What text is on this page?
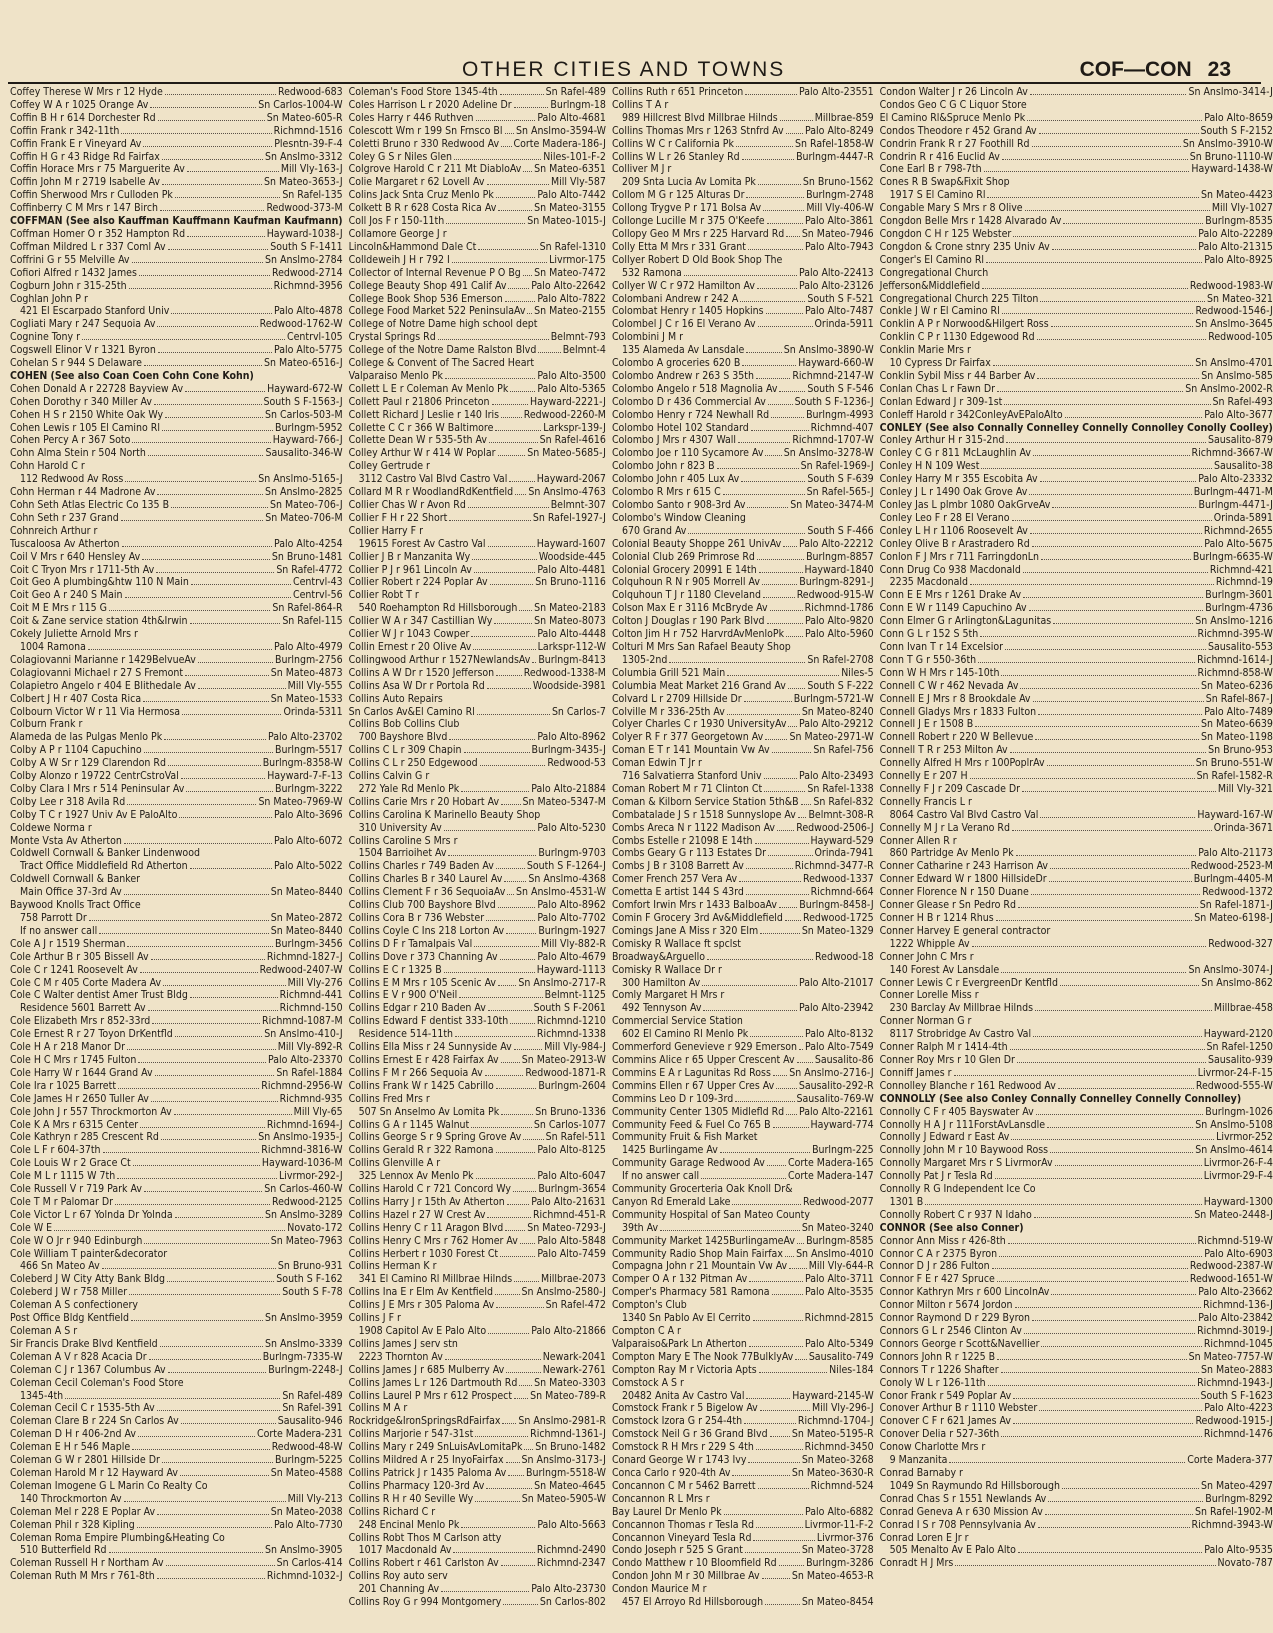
OTHER CITIES AND TOWNS	COF—CON 23
Coffey Therese W Mrs r 12 Hyde	Redwood-683
Coffey W A r 1025 Orange Av	Sn Carlos-1004-W
Coffin B H r 614 Dorchester Rd	Sn Mateo-605-R
Coffin Frank r 342-11th	Richmnd-1516
Coffin Frank E r Vineyard Av	Plesntn-39-F-4
Coffin H G r 43 Ridge Rd Fairfax	Sn Anslmo-3312
Coffin Horace Mrs r 75 Marguerite Av	Mill Vly-163-J
Coffin John M r 2719 Isabelle Av	Sn Mateo-3653-J
Coffin Sherwood Mrs r Culloden Pk	Sn Rafel-135
Coffinberry C M Mrs r 147 Birch	Redwood-373-M
COFFMAN (See also Kauffman Kauffmann Kaufman Kaufmann)
Coffman Homer O r 352 Hampton Rd	Hayward-1038-J
Coffman Mildred L r 337 Coml Av	South S F-1411
Coffrini G r 55 Melville Av	Sn Anslmo-2784
Cofiori Alfred r 1432 James	Redwood-2714
Cogburn John r 315-25th	Richmnd-3956
Coghlan John P r
421 El Escarpado Stanford Univ	Palo Alto-4878
Cogliati Mary r 247 Sequoia Av	Redwood-1762-W
Cognine Tony r	Centrvl-105
Cogswell Elinor V r 1321 Byron	Palo Alto-5775
Cohelan S r 944 S Delaware	Sn Mateo-6516-J
COHEN (See also Coan Coen Cohn Cone Kohn)
Cohen Donald A r 22728 Bayview Av	Hayward-672-W
Cohen Dorothy r 340 Miller Av	South S F-1563-J
Cohen H S r 2150 White Oak Wy	Sn Carlos-503-M
Cohen Lewis r 105 El Camino Rl	Burlngm-5952
Cohen Percy A r 367 Soto	Hayward-766-J
Cohn Alma Stein r 504 North	Sausalito-346-W
Cohn Harold C r
112 Redwood Av Ross	Sn Anslmo-5165-J
Cohn Herman r 44 Madrone Av	Sn Anslmo-2825
Cohn Seth Atlas Electric Co 135 B	Sn Mateo-706-J
Cohn Seth r 237 Grand	Sn Mateo-706-M
Cohnreich Arthur r
Tuscaloosa Av Atherton	Palo Alto-4254
Coil V Mrs r 640 Hensley Av	Sn Bruno-1481
Coit C Tryon Mrs r 1711-5th Av	Sn Rafel-4772
Coit Geo A plumbing&htw 110 N Main	Centrvl-43
Coit Geo A r 240 S Main	Centrvl-56
Coit M E Mrs r 115 G	Sn Rafel-864-R
Coit & Zane service station 4th&Irwin	Sn Rafel-115
Cokely Juliette Arnold Mrs r
1004 Ramona	Palo Alto-4979
Colagiovanni Marianne r 1429BelvueAv	Burlngm-2756
Colagiovanni Michael r 27 S Fremont	Sn Mateo-4873
Colapietro Angelo r 404 E Blithedale Av	Mill Vly-555
Colbert J H r 407 Costa Rica	Sn Mateo-1533
Colbourn Victor W r 11 Via Hermosa	Orinda-5311
Colburn Frank r
Alameda de las Pulgas Menlo Pk	Palo Alto-23702
Colby A P r 1104 Capuchino	Burlngm-5517
Colby A W Sr r 129 Clarendon Rd	Burlngm-8358-W
Colby Alonzo r 19722 CentrCstroVal	Hayward-7-F-13
Colby Clara I Mrs r 514 Peninsular Av	Burlngm-3222
Colby Lee r 318 Avila Rd	Sn Mateo-7969-W
Colby T C r 1927 Univ Av E PaloAlto	Palo Alto-3696
Coldewe Norma r
Monte Vsta Av Atherton	Palo Alto-6072
Coldwell Cornwall & Banker Lindenwood
Tract Office Middlefield Rd Atherton	Palo Alto-5022
Coldwell Cornwall & Banker
Main Office 37-3rd Av	Sn Mateo-8440
Baywood Knolls Tract Office
758 Parrott Dr	Sn Mateo-2872
If no answer call	Sn Mateo-8440
Cole A J r 1519 Sherman	Burlngm-3456
Cole Arthur B r 305 Bissell Av	Richmnd-1827-J
Cole C r 1241 Roosevelt Av	Redwood-2407-W
Cole C M r 405 Corte Madera Av	Mill Vly-276
Cole C Walter dentist Amer Trust Bldg	Richmnd-441
Residence 5601 Barrett Av	Richmnd-150
Cole Elizabeth Mrs r 852-33rd	Richmnd-1087-M
Cole Ernest R r 27 Toyon DrKentfld	Sn Anslmo-410-J
Cole H A r 218 Manor Dr	Mill Vly-892-R
Cole H C Mrs r 1745 Fulton	Palo Alto-23370
Cole Harry W r 1644 Grand Av	Sn Rafel-1884
Cole Ira r 1025 Barrett	Richmnd-2956-W
Cole James H r 2650 Tuller Av	Richmnd-935
Cole John J r 557 Throckmorton Av	Mill Vly-65
Cole K A Mrs r 6315 Center	Richmnd-1694-J
Cole Kathryn r 285 Crescent Rd	Sn Anslmo-1935-J
Cole L F r 604-37th	Richmnd-3816-W
Cole Louis W r 2 Grace Ct	Hayward-1036-M
Cole M L r 1115 W 7th	Livrmor-292-J
Cole Russell V r 719 Park Av	Sn Carlos-460-W
Cole T M r Palomar Dr	Redwood-2125
Cole Victor L r 67 Yolnda Dr Yolnda	Sn Anslmo-3289
Cole W E	Novato-172
Cole W O Jr r 940 Edinburgh	Sn Mateo-7963
Cole William T painter&decorator
466 Sn Mateo Av	Sn Bruno-931
Coleberd J W City Atty Bank Bldg	South S F-162
Coleberd J W r 758 Miller	South S F-78
Coleman A S confectionery
Post Office Bldg Kentfield	Sn Anslmo-3959
Coleman A S r
Sir Francis Drake Blvd Kentfield	Sn Anslmo-3339
Coleman A V r 828 Acacia Dr	Burlngm-7335-W
Coleman C J r 1367 Columbus Av	Burlngm-2248-J
Coleman Cecil Coleman's Food Store
1345-4th	Sn Rafel-489
Coleman Cecil C r 1535-5th Av	Sn Rafel-391
Coleman Clare B r 224 Sn Carlos Av	Sausalito-946
Coleman D H r 406-2nd Av	Corte Madera-231
Coleman E H r 546 Maple	Redwood-48-W
Coleman G W r 2801 Hillside Dr	Burlngm-5225
Coleman Harold M r 12 Hayward Av	Sn Mateo-4588
Coleman Imogene G L Marin Co Realty Co
140 Throckmorton Av	Mill Vly-213
Coleman Mel r 228 E Poplar Av	Sn Mateo-2038
Coleman Phil r 328 Kipling	Palo Alto-7730
Coleman Roma Empire Plumbing&Heating Co
510 Butterfield Rd	Sn Anslmo-3905
Coleman Russell H r Northam Av	Sn Carlos-414
Coleman Ruth M Mrs r 761-8th	Richmnd-1032-J
Coleman's Food Store 1345-4th	Sn Rafel-489
Coles Harrison L r 2020 Adeline Dr	Burlngm-18
Coles Harry r 446 Ruthven	Palo Alto-4681
Colescott Wm r 199 Sn Frnsco Bl Sn Anslmo-3594-W
Coletti Bruno r 330 Redwood Av Corte Madera-186-J
Coley G S r Niles Glen	Niles-101-F-2
Colgrove Harold C r 211 Mt DiabloAv Sn Mateo-6351
Colie Margaret r 62 Lovell Av	Mill Vly-587
Colins Jack Snta Cruz Menlo Pk	Palo Alto-7442
Colkett B R r 628 Costa Rica Av	Sn Mateo-3155
Coll Jos F r 150-11th	Sn Mateo-1015-J
Collamore George J r
Lincoln&Hammond Dale Ct	Sn Rafel-1310
Colldeweih J H r 792 I	Livrmor-175
Collector of Internal Revenue P O Bg Sn Mateo-7472
College Beauty Shop 491 Calif Av Palo Alto-22642
College Book Shop 536 Emerson	Palo Alto-7822
College Food Market 522 PeninsulaAv Sn Mateo-2155
College of Notre Dame high school dept
Crystal Springs Rd	Belmnt-793
College of the Notre Dame Ralston Blvd	Belmnt-4
College & Convent of The Sacred Heart
Valparaiso Menlo Pk	Palo Alto-3500
Collett L E r Coleman Av Menlo Pk	Palo Alto-5365
Collett Paul r 21806 Princeton	Hayward-2221-J
Collett Richard J Leslie r 140 Iris Redwood-2260-M
Collette C C r 366 W Baltimore	Larkspr-139-J
Collette Dean W r 535-5th Av	Sn Rafel-4616
Colley Arthur W r 414 W Poplar	Sn Mateo-5685-J
Colley Gertrude r
3112 Castro Val Blvd Castro Val	Hayward-2067
Collard M R r WoodlandRdKentfield Sn Anslmo-4763
Collier Chas W r Avon Rd	Belmnt-307
Collier F H r 22 Short	Sn Rafel-1927-J
Collier Harry F r
19615 Forest Av Castro Val	Hayward-1607
Collier J B r Manzanita Wy	Woodside-445
Collier P J r 961 Lincoln Av	Palo Alto-4481
Collier Robert r 224 Poplar Av	Sn Bruno-1116
Collier Robt T r
540 Roehampton Rd Hillsborough Sn Mateo-2183
Collier W A r 347 Castillian Wy	Sn Mateo-8073
Collier W J r 1043 Cowper	Palo Alto-4448
Collin Ernest r 20 Olive Av	Larkspr-112-W
Collingwood Arthur r 1527NewlandsAv Burlngm-8413
Collins A W Dr r 1520 Jefferson	Redwood-1338-M
Collins Asa W Dr r Portola Rd	Woodside-3981
Collins Auto Repairs
Sn Carlos Av&El Camino Rl	Sn Carlos-7
Collins Bob Collins Club
700 Bayshore Blvd	Palo Alto-8962
Collins C L r 309 Chapin	Burlngm-3435-J
Collins C L r 250 Edgewood	Redwood-53
Collins Calvin G r
272 Yale Rd Menlo Pk	Palo Alto-21884
Collins Carie Mrs r 20 Hobart Av Sn Mateo-5347-M
Collins Carolina K Marinello Beauty Shop
310 University Av	Palo Alto-5230
Collins Caroline S Mrs r
1504 Barrioihet Av	Burlngm-9703
Collins Charles r 749 Baden Av	South S F-1264-J
Collins Charles B r 340 Laurel Av Sn Anslmo-4368
Collins Clement F r 36 SequoiaAv Sn Anslmo-4531-W
Collins Club 700 Bayshore Blvd	Palo Alto-8962
Collins Cora B r 736 Webster	Palo Alto-7702
Collins Coyle C Ins 218 Lorton Av	Burlngm-1927
Collins D F r Tamalpais Val	Mill Vly-882-R
Collins Dove r 373 Channing Av	Palo Alto-4679
Collins E C r 1325 B	Hayward-1113
Collins E M Mrs r 105 Scenic Av Sn Anslmo-2717-R
Collins E V r 900 O'Neil	Belmnt-1125
Collins Edgar r 210 Baden Av	South S F-2061
Collins Edward F dentist 333-10th	Richmnd-1210
Residence 514-11th	Richmnd-1338
Collins Ella Miss r 24 Sunnyside Av	Mill Vly-984-J
Collins Ernest E r 428 Fairfax Av Sn Mateo-2913-W
Collins F M r 266 Sequoia Av	Redwood-1871-R
Collins Frank W r 1425 Cabrillo	Burlngm-2604
Collins Fred Mrs r
507 Sn Anselmo Av Lomita Pk	Sn Bruno-1336
Collins G A r 1145 Walnut	Sn Carlos-1077
Collins George S r 9 Spring Grove Av Sn Rafel-511
Collins Gerald R r 322 Ramona	Palo Alto-8125
Collins Glenville A r
325 Lennox Av Menlo Pk	Palo Alto-6047
Collins Harold C r 721 Concord Wy	Burlngm-3654
Collins Harry J r 15th Av Atherton	Palo Alto-21631
Collins Hazel r 27 W Crest Av	Richmnd-451-R
Collins Henry C r 11 Aragon Blvd Sn Mateo-7293-J
Collins Henry C Mrs r 762 Homer Av Palo Alto-5848
Collins Herbert r 1030 Forest Ct	Palo Alto-7459
Collins Herman K r
341 El Camino Rl Millbrae Hilnds	Millbrae-2073
Collins Ina E r Elm Av Kentfield	Sn Anslmo-2580-J
Collins J E Mrs r 305 Paloma Av	Sn Rafel-472
Collins J F r
1908 Capitol Av E Palo Alto	Palo Alto-21866
Collins James J serv stn
2223 Thornton Av	Newark-2041
Collins James J r 685 Mulberry Av	Newark-2761
Collins James L r 126 Dartmouth Rd Sn Mateo-3303
Collins Laurel P Mrs r 612 Prospect Sn Mateo-789-R
Collins M A r
Rockridge&IronSpringsRdFairfax Sn Anslmo-2981-R
Collins Marjorie r 547-31st	Richmnd-1361-J
Collins Mary r 249 SnLuisAvLomitaPk Sn Bruno-1482
Collins Mildred A r 25 InyoFairfax Sn Anslmo-3173-J
Collins Patrick J r 1435 Paloma Av Burlngm-5518-W
Collins Pharmacy 120-3rd Av	Sn Mateo-4645
Collins R H r 40 Seville Wy	Sn Mateo-5905-W
Collins Richard C r
248 Encinal Menlo Pk	Palo Alto-5663
Collins Robt Thos M Carlson atty
1017 Macdonald Av	Richmnd-2490
Collins Robert r 461 Carlston Av	Richmnd-2347
Collins Roy auto serv
201 Channing Av	Palo Alto-23730
Collins Roy G r 994 Montgomery	Sn Carlos-802
Collins Ruth r 651 Princeton	Palo Alto-23551
Collins T A r
989 Hillcrest Blvd Millbrae Hilnds	Millbrae-859
Collins Thomas Mrs r 1263 Stnfrd Av Palo Alto-8249
Collins W C r California Pk	Sn Rafel-1858-W
Collins W L r 26 Stanley Rd	Burlngm-4447-R
Colliver M J r
209 Snta Lucia Av Lomita Pk	Sn Bruno-1562
Collom M G r 125 Alturas Dr	Burlngm-2748
Collong Trygve P r 171 Bolsa Av	Mill Vly-406-W
Collonge Lucille M r 375 O'Keefe	Palo Alto-3861
Collopy Geo M Mrs r 225 Harvard Rd Sn Mateo-7946
Colly Etta M Mrs r 331 Grant	Palo Alto-7943
Collyer Robert D Old Book Shop The
532 Ramona	Palo Alto-22413
Collyer W C r 972 Hamilton Av	Palo Alto-23126
Colombani Andrew r 242 A	South S F-521
Colombat Henry r 1405 Hopkins	Palo Alto-7487
Colombel J C r 16 El Verano Av	Orinda-5911
Colombini J M r
135 Alameda Av Lansdale	Sn Anslmo-3890-W
Colombo A groceries 620 B	Hayward-660-W
Colombo Andrew r 263 S 35th	Richmnd-2147-W
Colombo Angelo r 518 Magnolia Av	South S F-546
Colombo D r 436 Commercial Av	South S F-1236-J
Colombo Henry r 724 Newhall Rd	Burlngm-4993
Colombo Hotel 102 Standard	Richmnd-407
Colombo J Mrs r 4307 Wall	Richmnd-1707-W
Colombo Joe r 110 Sycamore Av Sn Anslmo-3278-W
Colombo John r 823 B	Sn Rafel-1969-J
Colombo John r 405 Lux Av	South S F-639
Colombo R Mrs r 615 C	Sn Rafel-565-J
Colombo Santo r 908-3rd Av	Sn Mateo-3474-M
Colombo's Window Cleaning
670 Grand Av	South S F-466
Colonial Beauty Shoppe 261 UnivAv Palo Alto-22212
Colonial Club 269 Primrose Rd	Burlngm-8857
Colonial Grocery 20991 E 14th	Hayward-1840
Colquhoun R N r 905 Morrell Av	Burlngm-8291-J
Colquhoun T J r 1180 Cleveland	Redwood-915-W
Colson Max E r 3116 McBryde Av	Richmnd-1786
Colton J Douglas r 190 Park Blvd	Palo Alto-9820
Colton Jim H r 752 HarvrdAvMenloPk Palo Alto-5960
Colturi M Mrs San Rafael Beauty Shop
1305-2nd	Sn Rafel-2708
Columbia Grill 521 Main	Niles-5
Columbia Meat Market 216 Grand Av South S F-222
Colvard L r 2709 Hillside Dr	Burlngm-5721-W
Colville M r 336-25th Av	Sn Mateo-8240
Colyer Charles C r 1930 UniversityAv Palo Alto-29212
Colyer R F r 377 Georgetown Av	Sn Mateo-2971-W
Coman E T r 141 Mountain Vw Av	Sn Rafel-756
Coman Edwin T Jr r
716 Salvatierra Stanford Univ	Palo Alto-23493
Coman Robert M r 71 Clinton Ct	Sn Rafel-1338
Coman & Kilborn Service Station 5th&B Sn Rafel-832
Combatalade J S r 1518 Sunnyslope Av Belmnt-308-R
Combs Areca N r 1122 Madison Av Redwood-2506-J
Combs Estelle r 21098 E 14th	Hayward-529
Combs Geary G r 113 Estates Dr	Orinda-7941
Combs J B r 3108 Barrett Av	Richmnd-3477-R
Comer French 257 Vera Av	Redwood-1337
Cometta E artist 144 S 43rd	Richmnd-664
Comfort Irwin Mrs r 1433 BalboaAv Burlngm-8458-J
Comin F Grocery 3rd Av&Middlefield Redwood-1725
Comings Jane A Miss r 320 Elm	Sn Mateo-1329
Comisky R Wallace ft spclst
Broadway&Arguello	Redwood-18
Comisky R Wallace Dr r
300 Hamilton Av	Palo Alto-21017
Comly Margaret H Mrs r
492 Tennyson Av	Palo Alto-23942
Commercial Service Station
602 El Camino Rl Menlo Pk	Palo Alto-8132
Commerford Genevieve r 929 Emerson Palo Alto-7549
Commins Alice r 65 Upper Crescent Av Sausalito-86
Commins E A r Lagunitas Rd Ross Sn Anslmo-2716-J
Commins Ellen r 67 Upper Cres Av Sausalito-292-R
Commins Leo D r 109-3rd	Sausalito-769-W
Community Center 1305 Midlefld Rd Palo Alto-22161
Community Feed & Fuel Co 765 B	Hayward-774
Community Fruit & Fish Market
1425 Burlingame Av	Burlngm-225
Community Garage Redwood Av Corte Madera-165
If no answer call	Corte Madera-147
Community Grocerteria Oak Knoll Dr&
Canyon Rd Emerald Lake	Redwood-2077
Community Hospital of San Mateo County
39th Av	Sn Mateo-3240
Community Market 1425BurlingameAv Burlngm-8585
Community Radio Shop Main Fairfax Sn Anslmo-4010
Compagna John r 21 Mountain Vw Av Mill Vly-644-R
Comper O A r 132 Pitman Av	Palo Alto-3711
Comper's Pharmacy 581 Ramona	Palo Alto-3535
Compton's Club
1340 Sn Pablo Av El Cerrito	Richmnd-2815
Compton C A r
Valparaiso&Park Ln Atherton	Palo Alto-5349
Compton Mary E The Nook 77BulklyAv Sausalito-749
Compton Ray M r Victoria Apts	Niles-184
Comstock A S r
20482 Anita Av Castro Val	Hayward-2145-W
Comstock Frank r 5 Bigelow Av	Mill Vly-296-J
Comstock Izora G r 254-4th	Richmnd-1704-J
Comstock Neil G r 36 Grand Blvd Sn Mateo-5195-R
Comstock R H Mrs r 229 S 4th	Richmnd-3450
Conard George W r 1743 Ivy	Sn Mateo-3268
Conca Carlo r 920-4th Av	Sn Mateo-3630-R
Concannon C M r 5462 Barrett	Richmnd-524
Concannon R L Mrs r
Bay Laurel Dr Menlo Pk	Palo Alto-6882
Concannon Thomas r Tesla Rd	Livrmor-11-F-2
Concannon Vineyard Tesla Rd	Livrmor-376
Condo Joseph r 525 S Grant	Sn Mateo-3728
Condo Matthew r 10 Bloomfield Rd	Burlngm-3286
Condon John M r 30 Millbrae Av	Sn Mateo-4653-R
Condon Maurice M r
457 El Arroyo Rd Hillsborough	Sn Mateo-8454
Condon Walter J r 26 Lincoln Av	Sn Anslmo-3414-J
Condos Geo C G C Liquor Store
El Camino Rl&Spruce Menlo Pk	Palo Alto-8659
Condos Theodore r 452 Grand Av	South S F-2152
Condrin Frank R r 27 Foothill Rd	Sn Anslmo-3910-W
Condrin R r 416 Euclid Av	Sn Bruno-1110-W
Cone Earl B r 798-7th	Hayward-1438-W
Cones R B Swap&Fixit Shop
1917 S El Camino Rl	Sn Mateo-4423
Congable Mary S Mrs r 8 Olive	Mill Vly-1027
Congdon Belle Mrs r 1428 Alvarado Av	Burlngm-8535
Congdon C H r 125 Webster	Palo Alto-22289
Congdon & Crone stnry 235 Univ Av	Palo Alto-21315
Conger's El Camino Rl	Palo Alto-8925
Congregational Church
Jefferson&Middlefield	Redwood-1983-W
Congregational Church 225 Tilton	Sn Mateo-321
Conkle J W r El Camino Rl	Redwood-1546-J
Conklin A P r Norwood&Hilgert Ross	Sn Anslmo-3645
Conklin C P r 1130 Edgewood Rd	Redwood-105
Conklin Marie Mrs r
10 Cypress Dr Fairfax	Sn Anslmo-4701
Conklin Sybil Miss r 44 Barber Av	Sn Anslmo-585
Conlan Chas L r Fawn Dr	Sn Anslmo-2002-R
Conlan Edward J r 309-1st	Sn Rafel-493
Conleff Harold r 342ConleyAvEPaloAlto	Palo Alto-3677
CONLEY (See also Connally Connelley Connelly Connolley Conolly Coolley)
Conley Arthur H r 315-2nd	Sausalito-879
Conley C G r 811 McLaughlin Av	Richmnd-3667-W
Conley H N 109 West	Sausalito-38
Conley Harry M r 355 Escobita Av	Palo Alto-23332
Conley J L r 1490 Oak Grove Av	Burlngm-4471-M
Conley Jas L plmbr 1080 OakGrveAv	Burlngm-4471-J
Conley Leo F r 28 El Verano	Orinda-5891
Conley L H r 1106 Roosevelt Av	Richmnd-2655
Conley Olive B r Arastradero Rd	Palo Alto-5675
Conlon F J Mrs r 711 FarringdonLn	Burlngm-6635-W
Conn Drug Co 938 Macdonald	Richmnd-421
2235 Macdonald	Richmnd-19
Conn E E Mrs r 1261 Drake Av	Burlngm-3601
Conn E W r 1149 Capuchino Av	Burlngm-4736
Conn Elmer G r Arlington&Lagunitas	Sn Anslmo-1216
Conn G L r 152 S 5th	Richmnd-395-W
Conn Ivan T r 14 Excelsior	Sausalito-553
Conn T G r 550-36th	Richmnd-1614-J
Conn W H Mrs r 145-10th	Richmnd-858-W
Connell C W r 462 Nevada Av	Sn Mateo-6236
Connell E J Mrs r 8 Brookdale Av	Sn Rafel-867-J
Connell Gladys Mrs r 1833 Fulton	Palo Alto-7489
Connell J E r 1508 B	Sn Mateo-6639
Connell Robert r 220 W Bellevue	Sn Mateo-1198
Connell T R r 253 Milton Av	Sn Bruno-953
Connelly Alfred H Mrs r 100PoplrAv	Sn Bruno-551-W
Connelly E r 207 H	Sn Rafel-1582-R
Connelly F J r 209 Cascade Dr	Mill Vly-321
Connelly Francis L r
8064 Castro Val Blvd Castro Val	Hayward-167-W
Connelly M J r La Verano Rd	Orinda-3671
Conner Allen R r
860 Partridge Av Menlo Pk	Palo Alto-21173
Conner Catharine r 243 Harrison Av	Redwood-2523-M
Conner Edward W r 1800 HillsideDr	Burlngm-4405-M
Conner Florence N r 150 Duane	Redwood-1372
Conner Glease r Sn Pedro Rd	Sn Rafel-1871-J
Conner H B r 1214 Rhus	Sn Mateo-6198-J
Conner Harvey E general contractor
1222 Whipple Av	Redwood-327
Conner John C Mrs r
140 Forest Av Lansdale	Sn Anslmo-3074-J
Conner Lewis C r EvergreenDr Kentfld	Sn Anslmo-862
Conner Lorelle Miss r
230 Barclay Av Millbrae Hilnds	Millbrae-458
Conner Norman G r
8117 Strobridge Av Castro Val	Hayward-2120
Conner Ralph M r 1414-4th	Sn Rafel-1250
Conner Roy Mrs r 10 Glen Dr	Sausalito-939
Conniff James r	Livrmor-24-F-15
Connolley Blanche r 161 Redwood Av	Redwood-555-W
CONNOLLY (See also Conley Connally Connelley Connelly Connolley)
Connolly C F r 405 Bayswater Av	Burlngm-1026
Connolly H A J r 111ForstAvLansdle	Sn Anslmo-5108
Connolly J Edward r East Av	Livrmor-252
Connolly John M r 10 Baywood Ross	Sn Anslmo-4614
Connolly Margaret Mrs r S LivrmorAv	Livrmor-26-F-4
Connolly Pat J r Tesla Rd	Livrmor-29-F-4
Connolly R G Independent Ice Co
1301 B	Hayward-1300
Connolly Robert C r 937 N Idaho	Sn Mateo-2448-J
CONNOR (See also Conner)
Connor Ann Miss r 426-8th	Richmnd-519-W
Connor C A r 2375 Byron	Palo Alto-6903
Connor D J r 286 Fulton	Redwood-2387-W
Connor F E r 427 Spruce	Redwood-1651-W
Connor Kathryn Mrs r 600 LincolnAv	Palo Alto-23662
Connor Milton r 5674 Jordon	Richmnd-136-J
Connor Raymond D r 229 Byron	Palo Alto-23842
Connors G L r 2546 Clinton Av	Richmnd-3019-J
Connors George r Scott&Navellier	Richmnd-1045
Connors John R r 1225 B	Sn Mateo-7757-W
Connors T r 1226 Shafter	Sn Mateo-2883
Conoly W L r 126-11th	Richmnd-1943-J
Conor Frank r 549 Poplar Av	South S F-1623
Conover Arthur B r 1110 Webster	Palo Alto-4223
Conover C F r 621 James Av	Redwood-1915-J
Conover Delia r 527-36th	Richmnd-1476
Conow Charlotte Mrs r
9 Manzanita	Corte Madera-377
Conrad Barnaby r
1049 Sn Raymundo Rd Hillsborough	Sn Mateo-4297
Conrad Chas S r 1551 Newlands Av	Burlngm-8292
Conrad Geneva A r 630 Mission Av	Sn Rafel-1902-M
Conrad I S r 708 Pennsylvania Av	Richmnd-3943-W
Conrad Loren E Jr r
505 Menalto Av E Palo Alto	Palo Alto-9535
Conradt H J Mrs	Novato-787
